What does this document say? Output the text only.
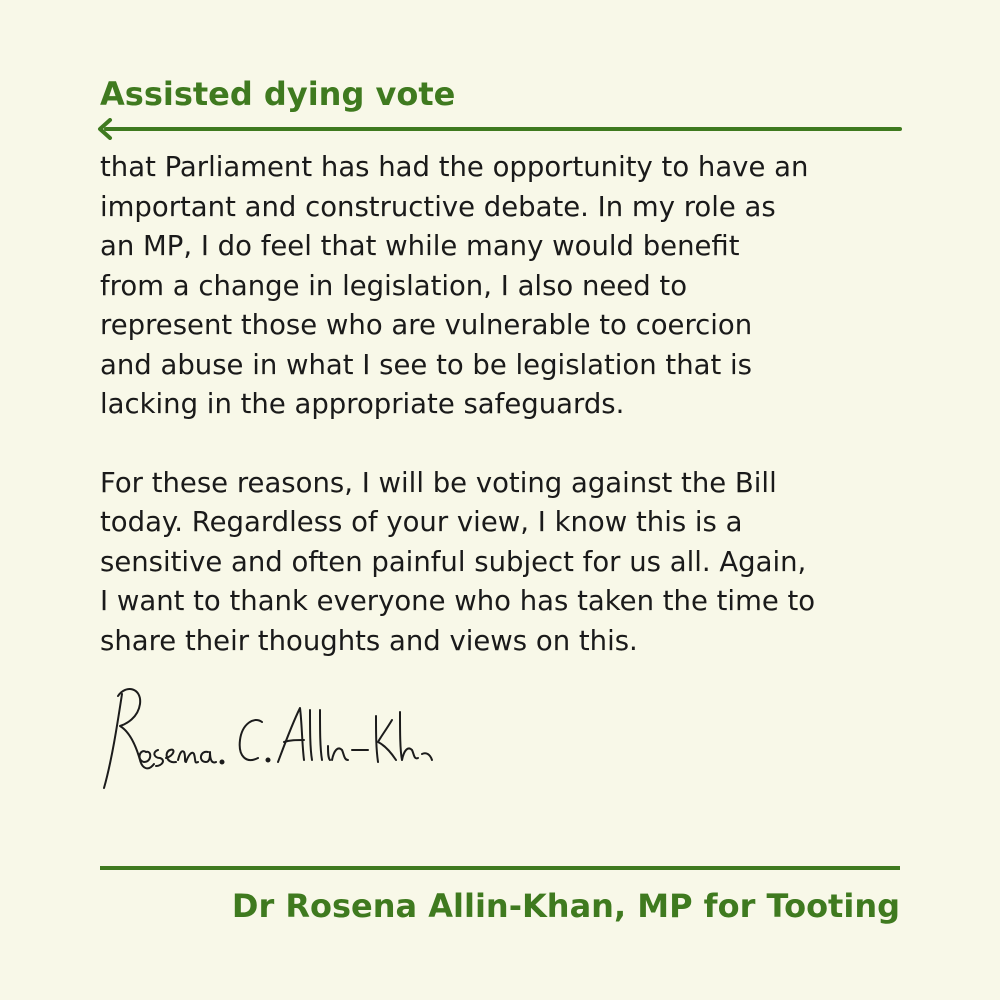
Assisted dying vote

that Parliament has had the opportunity to have an
important and constructive debate. In my role as
an MP, I do feel that while many would benefit
from a change in legislation, I also need to
represent those who are vulnerable to coercion
and abuse in what I see to be legislation that is
lacking in the appropriate safeguards.

For these reasons, I will be voting against the Bill
today. Regardless of your view, I know this is a
sensitive and often painful subject for us all. Again,
I want to thank everyone who has taken the time to
share their thoughts and views on this.

Dr Rosena Allin-Khan, MP for Tooting
